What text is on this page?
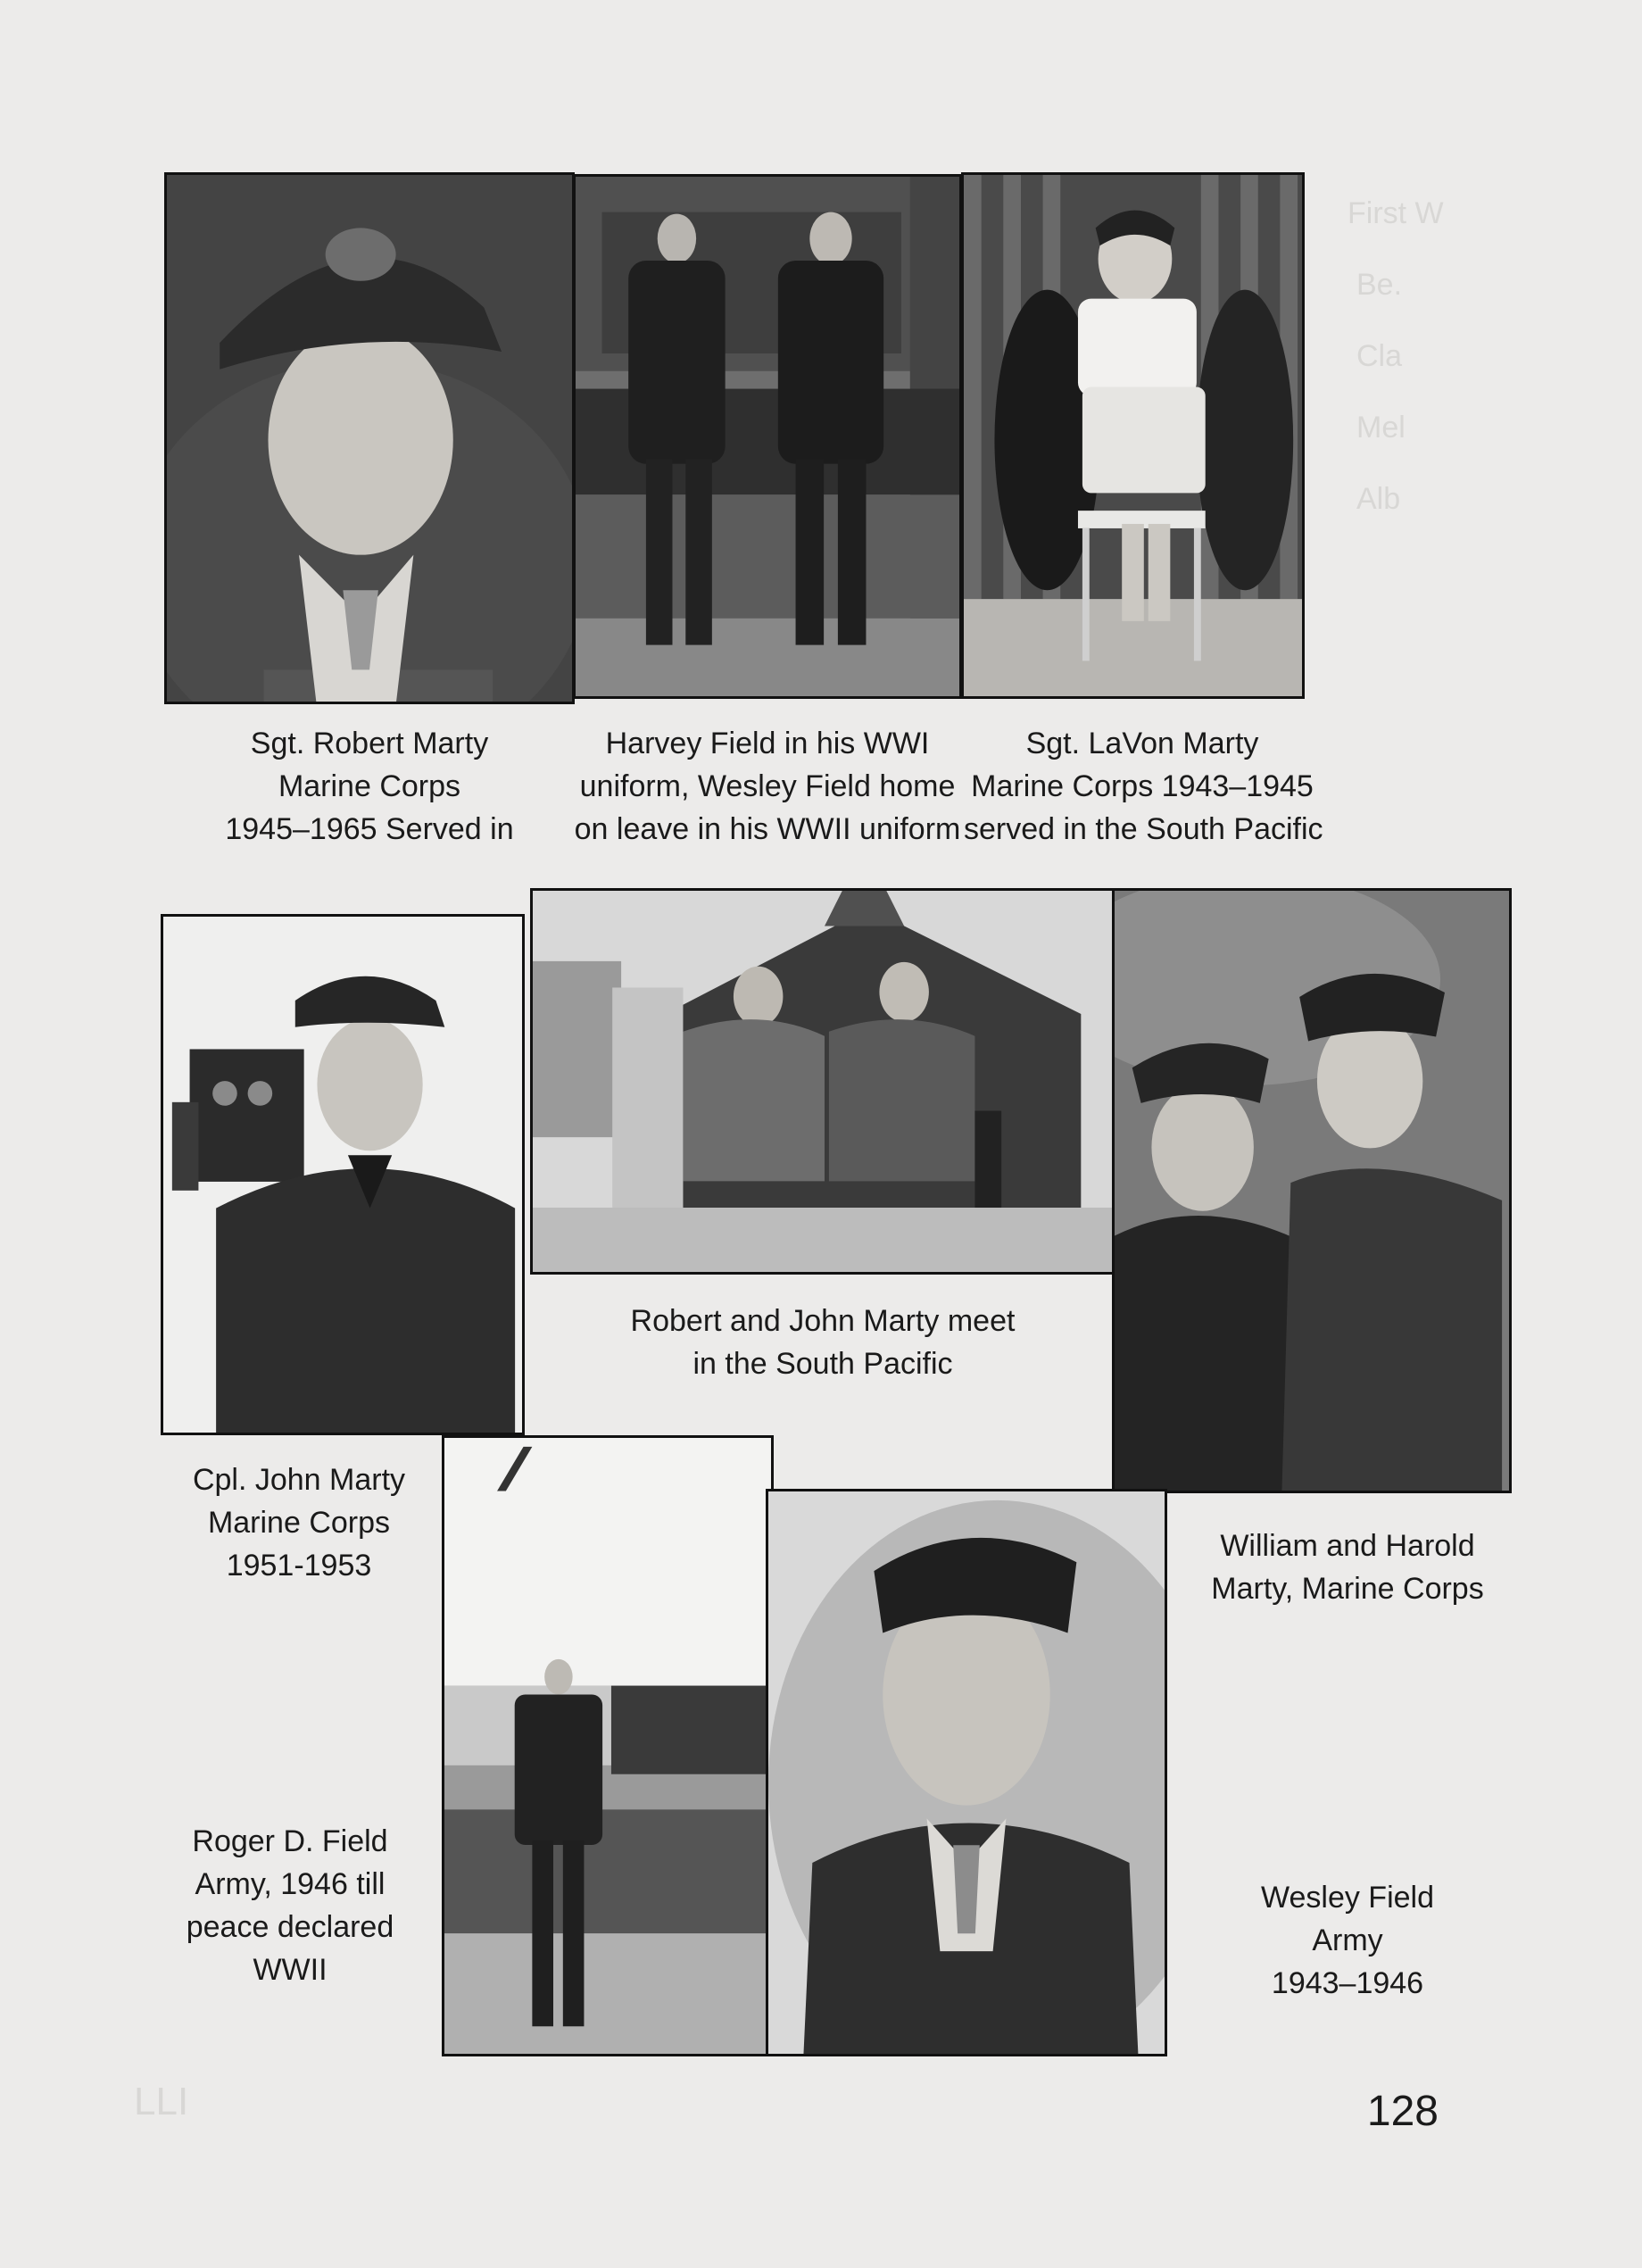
First W
Be.
Cla
Mel
Alb
LLI
Sgt. Robert Marty
Marine Corps
1945–1965 Served in
Harvey Field in his WWI
uniform, Wesley Field home
on leave in his WWII uniform
Sgt. LaVon Marty
Marine Corps 1943–1945
served in the South Pacific
Robert and John Marty meet
in the South Pacific
William and Harold
Marty, Marine Corps
Cpl. John Marty
Marine Corps
1951-1953
Roger D. Field
Army, 1946 till
peace declared
WWII
Wesley Field
Army
1943–1946
128
